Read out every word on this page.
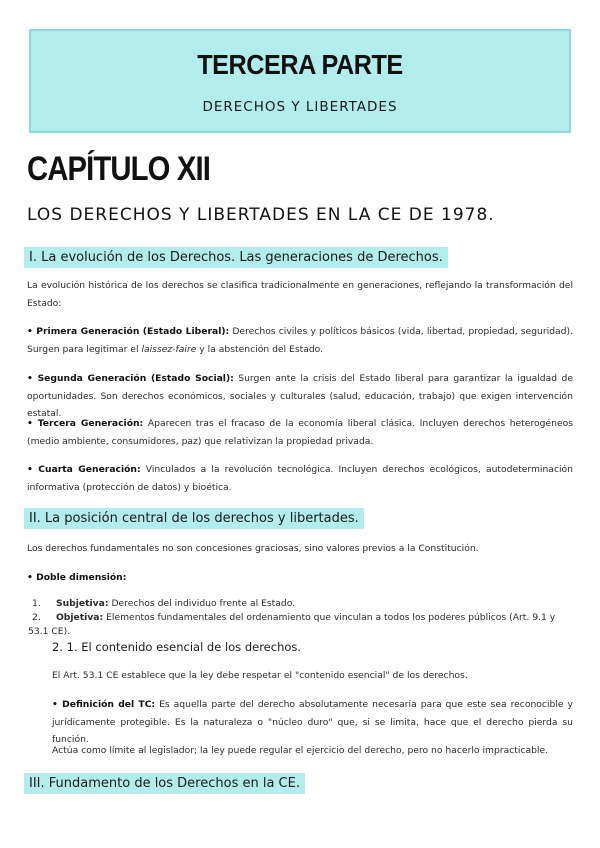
TERCERA PARTE
DERECHOS Y LIBERTADES
CAPÍTULO XII
LOS DERECHOS Y LIBERTADES EN LA CE DE 1978.
I. La evolución de los Derechos. Las generaciones de Derechos.
La evolución histórica de los derechos se clasifica tradicionalmente en generaciones, reflejando la transformación del Estado:
• Primera Generación (Estado Liberal): Derechos civiles y políticos básicos (vida, libertad, propiedad, seguridad). Surgen para legitimar el laissez-faire y la abstención del Estado.
• Segunda Generación (Estado Social): Surgen ante la crisis del Estado liberal para garantizar la igualdad de oportunidades. Son derechos económicos, sociales y culturales (salud, educación, trabajo) que exigen intervención estatal.
• Tercera Generación: Aparecen tras el fracaso de la economía liberal clásica. Incluyen derechos heterogéneos (medio ambiente, consumidores, paz) que relativizan la propiedad privada.
• Cuarta Generación: Vinculados a la revolución tecnológica. Incluyen derechos ecológicos, autodeterminación informativa (protección de datos) y bioética.
II. La posición central de los derechos y libertades.
Los derechos fundamentales no son concesiones graciosas, sino valores previos a la Constitución.
• Doble dimensión:
1. Subjetiva: Derechos del individuo frente al Estado.
2. Objetiva: Elementos fundamentales del ordenamiento que vinculan a todos los poderes públicos (Art. 9.1 y 53.1 CE).
2. 1. El contenido esencial de los derechos.
El Art. 53.1 CE establece que la ley debe respetar el "contenido esencial" de los derechos.
• Definición del TC: Es aquella parte del derecho absolutamente necesaria para que este sea reconocible y jurídicamente protegible. Es la naturaleza o "núcleo duro" que, si se limita, hace que el derecho pierda su función.
Actúa como límite al legislador; la ley puede regular el ejercicio del derecho, pero no hacerlo impracticable.
III. Fundamento de los Derechos en la CE.
